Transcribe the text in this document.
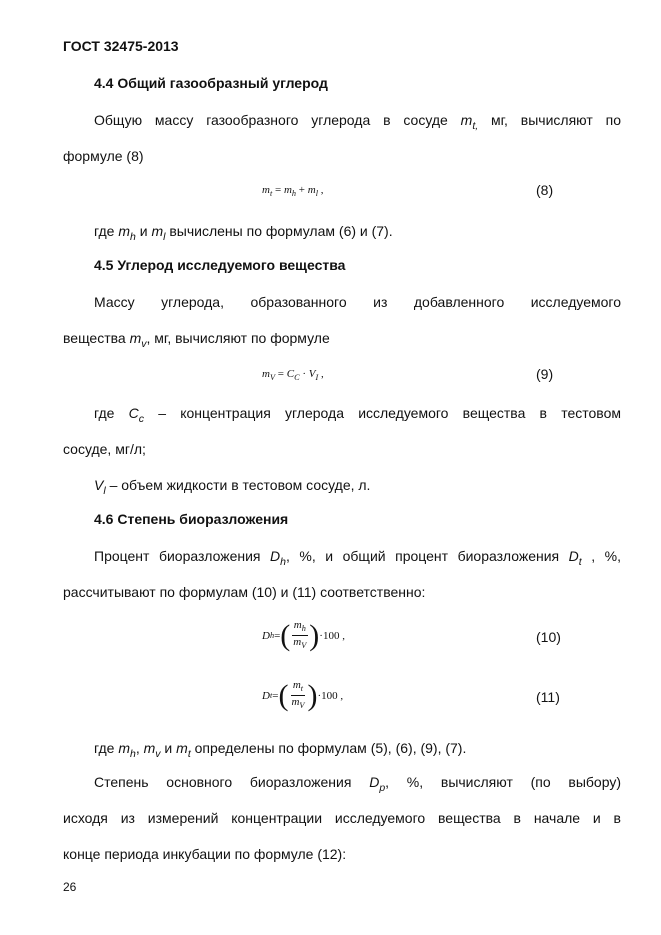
ГОСТ 32475-2013
4.4 Общий газообразный углерод
Общую массу газообразного углерода в сосуде $m_{t,}$ мг, вычисляют по
формуле (8)
$m_t = m_h + m_l$ ,	(8)
где $m_h$ и $m_l$ вычислены по формулам (6) и (7).
4.5 Углерод исследуемого вещества
Массу углерода, образованного из добавленного исследуемого
вещества $m_v$, мг, вычисляют по формуле
$m_V = C_C \cdot V_I$ ,	(9)
где $C_c$ – концентрация углерода исследуемого вещества в тестовом
сосуде, мг/л;
$V_l$ – объем жидкости в тестовом сосуде, л.
4.6 Степень биоразложения
Процент биоразложения $D_h$, %, и общий процент биоразложения $D_t$ , %,
рассчитывают по формулам (10) и (11) соответственно:
D h = ( $\frac{m_h}{m_V}$ ) ·100 ,	(10)
D t = ( $\frac{m_t}{m_V}$ ) ·100 ,	(11)
где $m_h$, $m_v$ и $m_t$ определены по формулам (5), (6), (9), (7).
Степень основного биоразложения $D_p$, %, вычисляют (по выбору)
исходя из измерений концентрации исследуемого вещества в начале и в
конце периода инкубации по формуле (12):
26
